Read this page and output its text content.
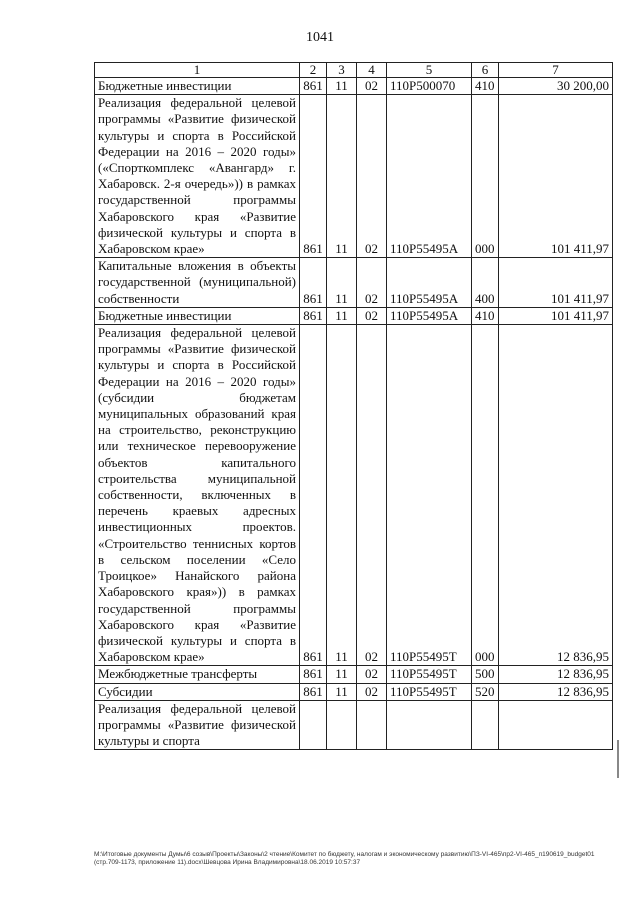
1041
1	2	3	4	5	6	7
Бюджетные инвестиции	861	11	02	110P500070	410	30 200,00
Реализация федеральной целевой программы «Развитие физической культуры и спорта в Российской Федерации на 2016 – 2020 годы» («Спорткомплекс «Авангард» г. Хабаровск. 2-я очередь»)) в рамках государственной программы Хабаровского края «Развитие физической культуры и спорта в Хабаровском крае»	861	11	02	110P55495A	000	101 411,97
Капитальные вложения в объекты государственной (муниципальной) собственности	861	11	02	110P55495A	400	101 411,97
Бюджетные инвестиции	861	11	02	110P55495A	410	101 411,97
Реализация федеральной целевой программы «Развитие физической культуры и спорта в Российской Федерации на 2016 – 2020 годы» (субсидии бюджетам муниципальных образований края на строительство, реконструкцию или техническое перевооружение объектов капитального строительства муниципальной собственности, включенных в перечень краевых адресных инвестиционных проектов. «Строительство теннисных кортов в сельском поселении «Село Троицкое» Нанайского района Хабаровского края»)) в рамках государственной программы Хабаровского края «Развитие физической культуры и спорта в Хабаровском крае»	861	11	02	110P55495T	000	12 836,95
Межбюджетные трансферты	861	11	02	110P55495T	500	12 836,95
Субсидии	861	11	02	110P55495T	520	12 836,95
Реализация федеральной целевой программы «Развитие физической культуры и спорта						
М:\Итоговые документы Думы\6 созыв\Проекты\Законы\2 чтение\Комитет по бюджету, налогам и экономическому развитию\ПЗ-VI-465\пр2-VI-465_п190619_budget01 (стр.709-1173, приложение 11).docx\Шевцова Ирина Владимировна\18.06.2019 10:57:37
